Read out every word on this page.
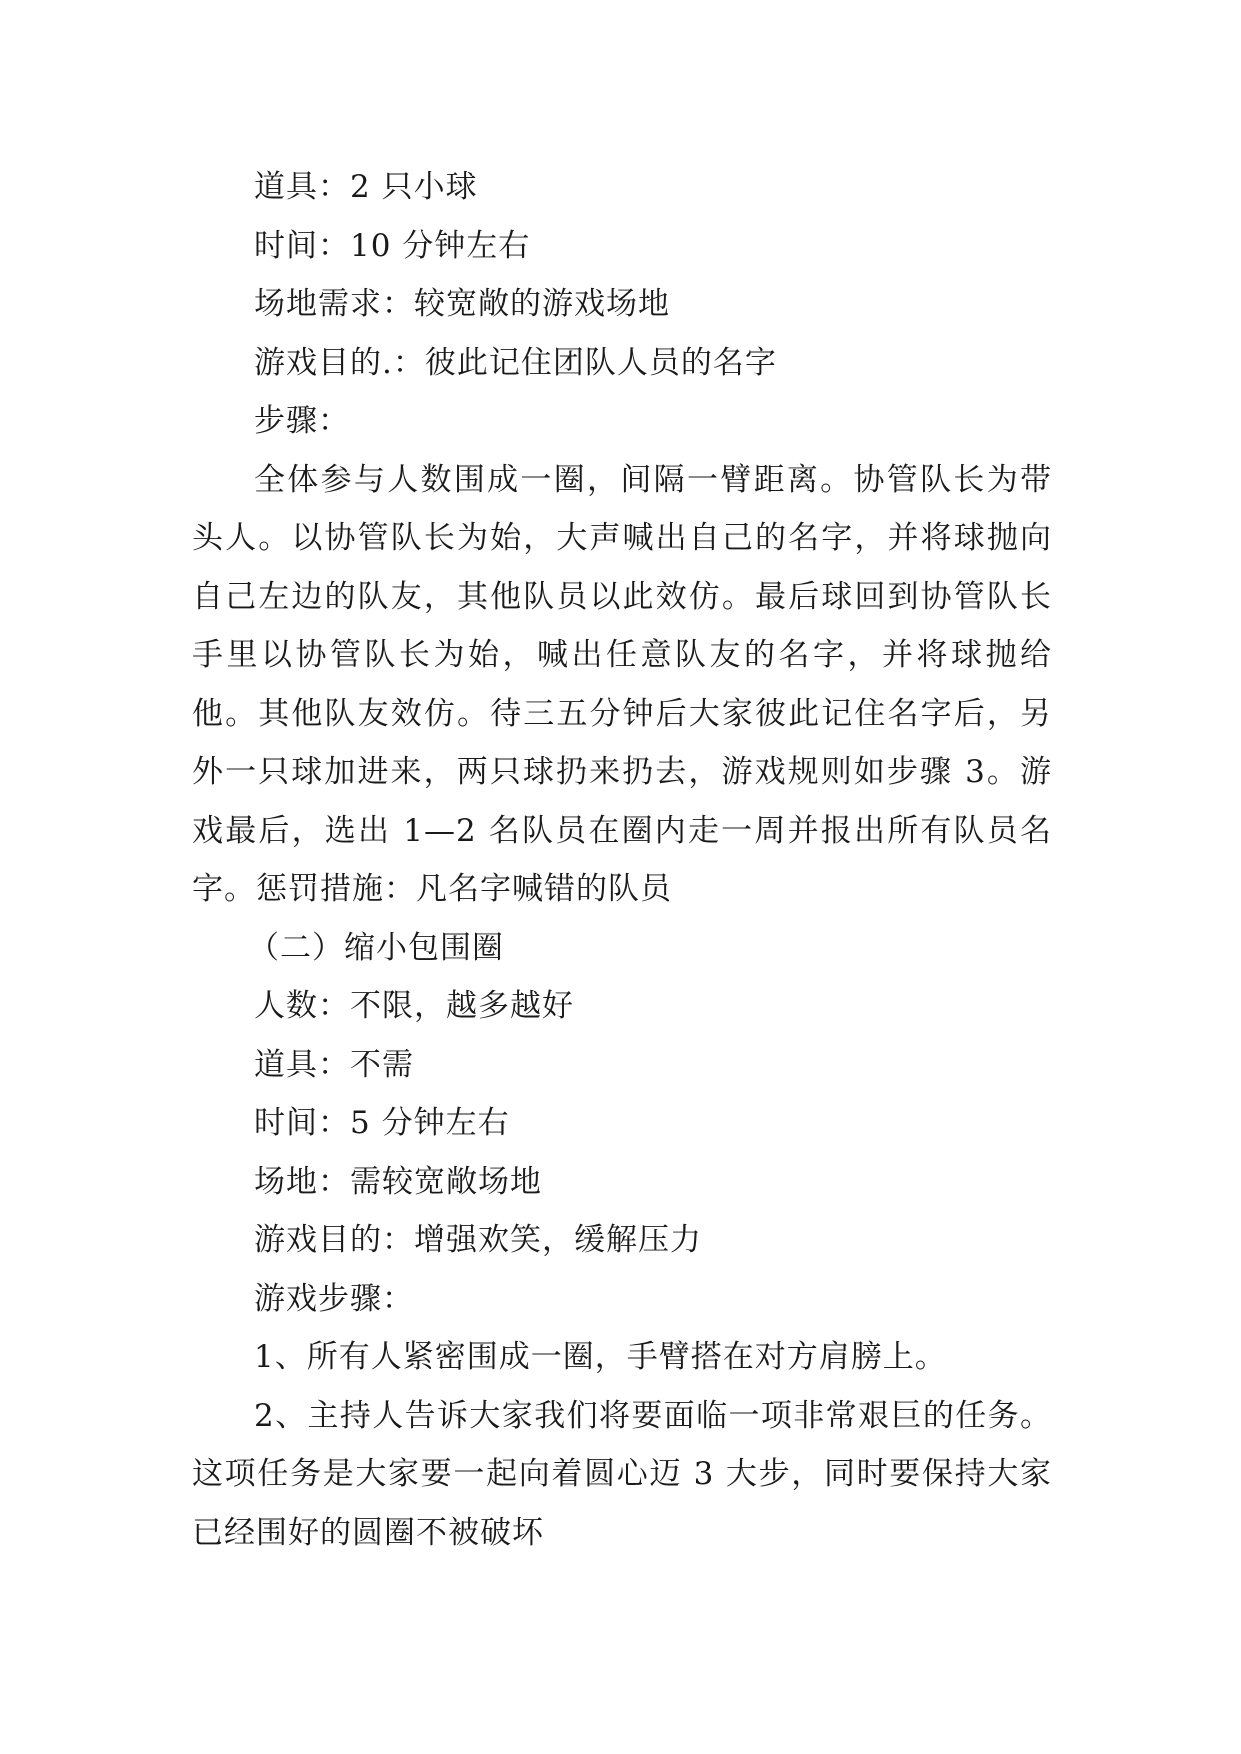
道具：2 只小球
时间：10 分钟左右
场地需求：较宽敞的游戏场地
游戏目的.：彼此记住团队人员的名字
步骤：
全体参与人数围成一圈，间隔一臂距离。协管队长为带头人。以协管队长为始，大声喊出自己的名字，并将球抛向自己左边的队友，其他队员以此效仿。最后球回到协管队长手里以协管队长为始，喊出任意队友的名字，并将球抛给他。其他队友效仿。待三五分钟后大家彼此记住名字后，另外一只球加进来，两只球扔来扔去，游戏规则如步骤 3。游戏最后，选出 1—2 名队员在圈内走一周并报出所有队员名字。惩罚措施：凡名字喊错的队员
（二）缩小包围圈
人数：不限，越多越好
道具：不需
时间：5 分钟左右
场地：需较宽敞场地
游戏目的：增强欢笑，缓解压力
游戏步骤：
1、所有人紧密围成一圈，手臂搭在对方肩膀上。
2、主持人告诉大家我们将要面临一项非常艰巨的任务。这项任务是大家要一起向着圆心迈 3 大步，同时要保持大家已经围好的圆圈不被破坏
